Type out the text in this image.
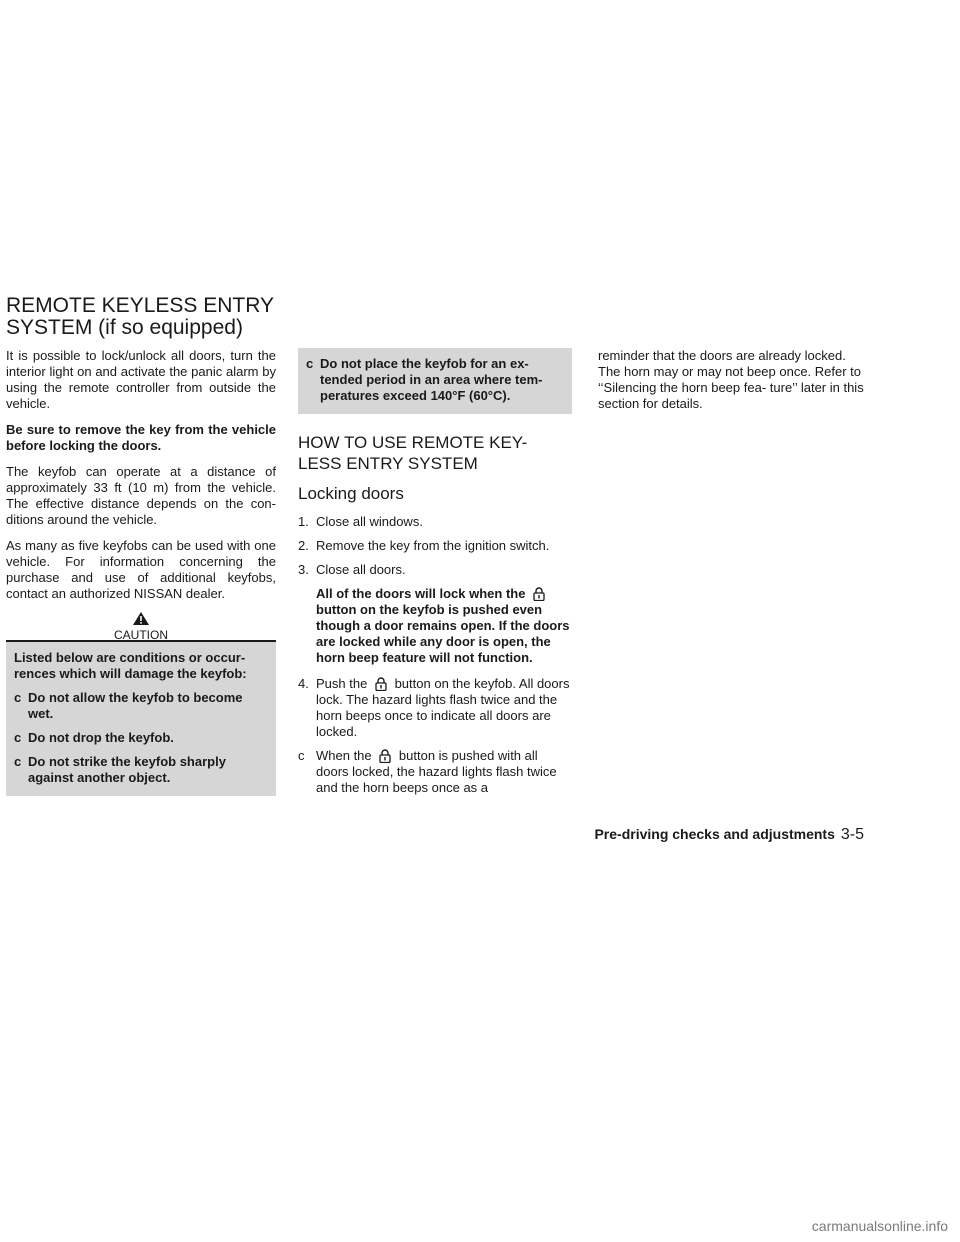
REMOTE KEYLESS ENTRY
SYSTEM (if so equipped)

It is possible to lock/unlock all doors, turn the interior light on and activate the panic alarm by using the remote controller from outside the vehicle.

Be sure to remove the key from the vehicle before locking the doors.

The keyfob can operate at a distance of approximately 33 ft (10 m) from the vehicle. The effective distance depends on the con- ditions around the vehicle.

As many as five keyfobs can be used with one vehicle. For information concerning the purchase and use of additional keyfobs, contact an authorized NISSAN dealer.

CAUTION

Listed below are conditions or occur- rences which will damage the keyfob:

c Do not allow the keyfob to become wet.
c Do not drop the keyfob.
c Do not strike the keyfob sharply against another object.
c Do not place the keyfob for an ex- tended period in an area where tem- peratures exceed 140°F (60°C).
HOW TO USE REMOTE KEY- LESS ENTRY SYSTEM
Locking doors
1. Close all windows.
2. Remove the key from the ignition switch.
3. Close all doors.

All of the doors will lock when the  button on the keyfob is pushed even though a door remains open. If the doors are locked while any door is open, the horn beep feature will not function.

4. Push the button on the keyfob. All doors lock. The hazard lights flash twice and the horn beeps once to indicate all doors are locked.
c When the button is pushed with all doors locked, the hazard lights flash twice and the horn beeps once as a

reminder that the doors are already locked.

The horn may or may not beep once. Refer to ‘‘Silencing the horn beep fea- ture’’ later in this section for details.

Pre-driving checks and adjustments 3-5
carmanualsonline.info
